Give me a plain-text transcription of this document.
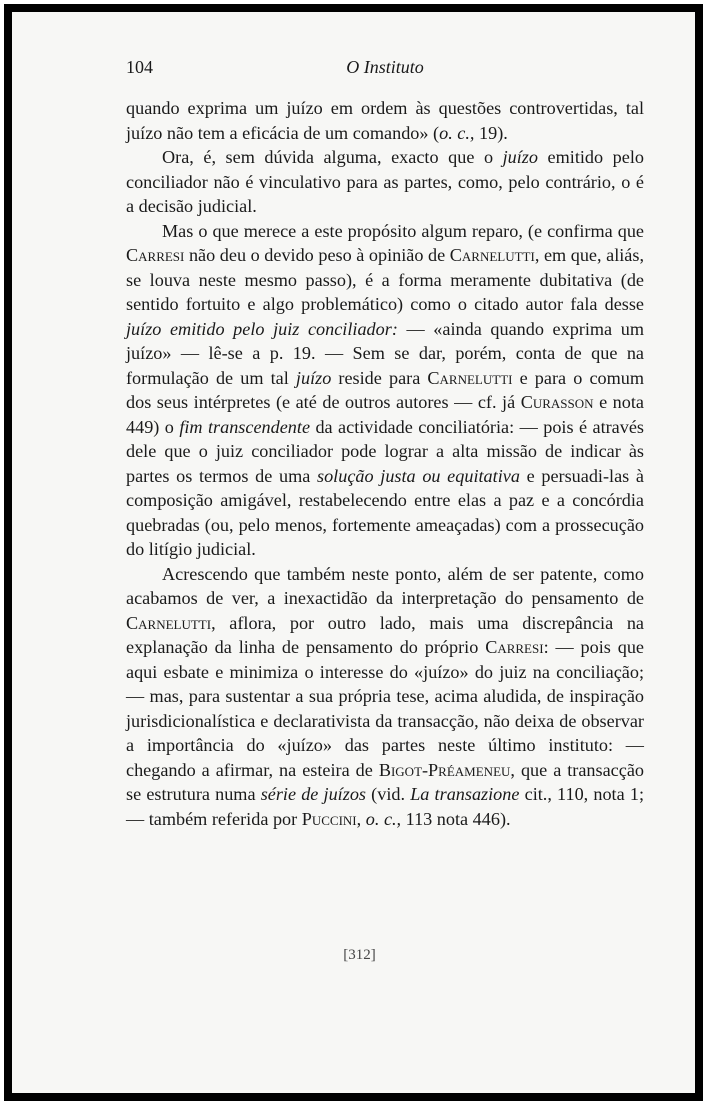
104	O Instituto

quando exprima um juízo em ordem às questões controvertidas, tal juízo não tem a eficácia de um comando» (o. c., 19).

Ora, é, sem dúvida alguma, exacto que o juízo emitido pelo conciliador não é vinculativo para as partes, como, pelo contrário, o é a decisão judicial.

Mas o que merece a este propósito algum reparo, (e confirma que Carresi não deu o devido peso à opinião de Carnelutti, em que, aliás, se louva neste mesmo passo), é a forma meramente dubitativa (de sentido fortuito e algo problemático) como o citado autor fala desse juízo emitido pelo juiz conciliador: — «ainda quando exprima um juízo» — lê-se a p. 19. — Sem se dar, porém, conta de que na formulação de um tal juízo reside para Carnelutti e para o comum dos seus intérpretes (e até de outros autores — cf. já Curasson e nota 449) o fim transcendente da actividade conciliatória: — pois é através dele que o juiz conciliador pode lograr a alta missão de indicar às partes os termos de uma solução justa ou equitativa e persuadi-las à composição amigável, restabelecendo entre elas a paz e a concórdia quebradas (ou, pelo menos, fortemente ameaçadas) com a prossecução do litígio judicial.

Acrescendo que também neste ponto, além de ser patente, como acabamos de ver, a inexactidão da interpretação do pensamento de Carnelutti, aflora, por outro lado, mais uma discrepância na explanação da linha de pensamento do próprio Carresi: — pois que aqui esbate e minimiza o interesse do «juízo» do juiz na conciliação; — mas, para sustentar a sua própria tese, acima aludida, de inspiração jurisdicionalística e declarativista da transacção, não deixa de observar a importância do «juízo» das partes neste último instituto: — chegando a afirmar, na esteira de Bigot-Préameneu, que a transacção se estrutura numa série de juízos (vid. La transazione cit., 110, nota 1; — também referida por Puccini, o. c., 113 nota 446).

[312]
